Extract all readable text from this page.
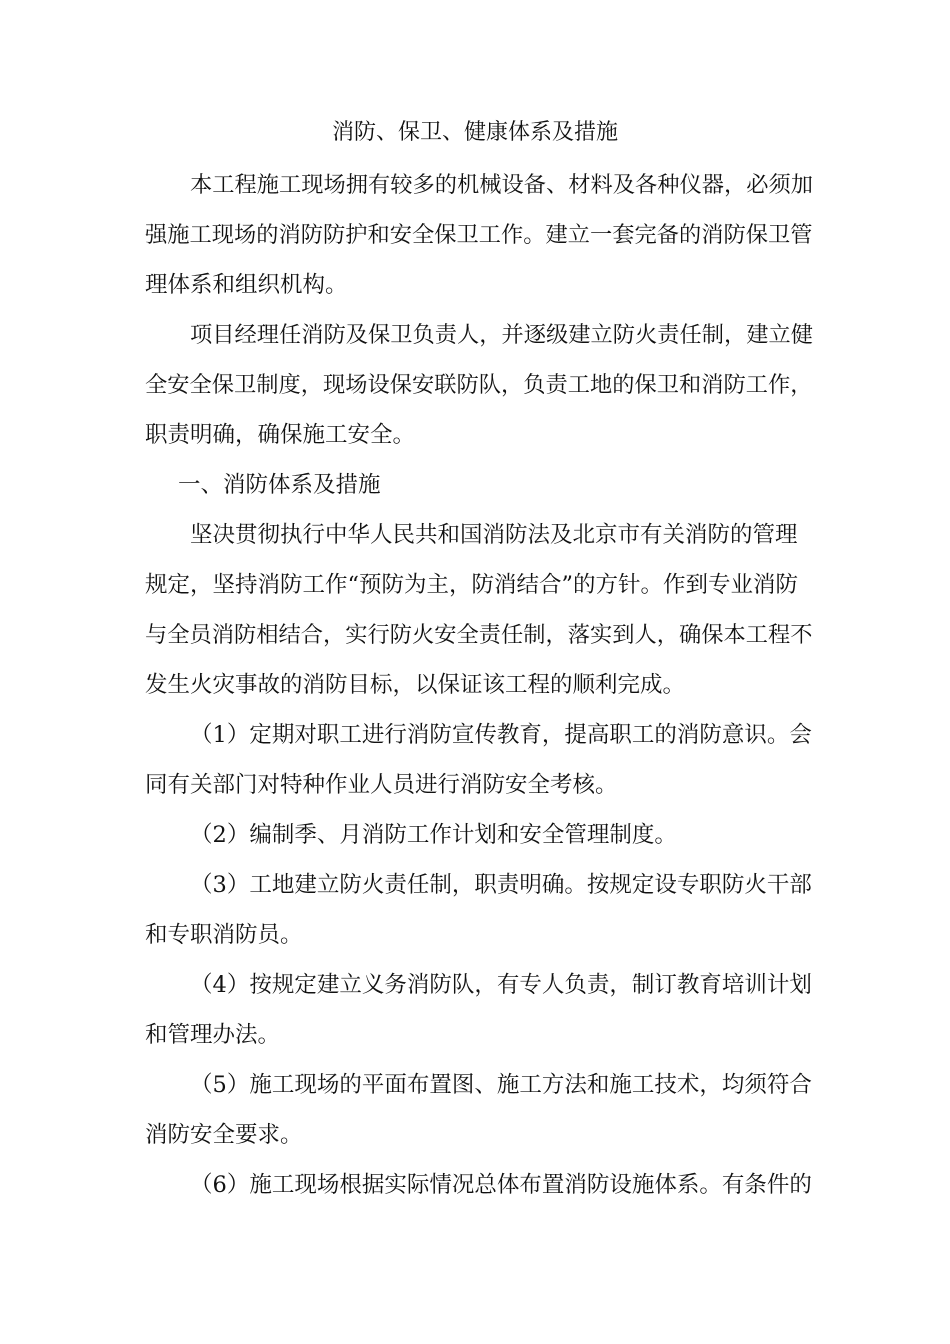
消防、保卫、健康体系及措施
本工程施工现场拥有较多的机械设备、材料及各种仪器，必须加
强施工现场的消防防护和安全保卫工作。建立一套完备的消防保卫管
理体系和组织机构。
项目经理任消防及保卫负责人，并逐级建立防火责任制，建立健
全安全保卫制度，现场设保安联防队，负责工地的保卫和消防工作，
职责明确，确保施工安全。
一、消防体系及措施
坚决贯彻执行中华人民共和国消防法及北京市有关消防的管理
规定，坚持消防工作“预防为主，防消结合”的方针。作到专业消防
与全员消防相结合，实行防火安全责任制，落实到人，确保本工程不
发生火灾事故的消防目标，以保证该工程的顺利完成。
（1）定期对职工进行消防宣传教育，提高职工的消防意识。会
同有关部门对特种作业人员进行消防安全考核。
（2）编制季、月消防工作计划和安全管理制度。
（3）工地建立防火责任制，职责明确。按规定设专职防火干部
和专职消防员。
（4）按规定建立义务消防队，有专人负责，制订教育培训计划
和管理办法。
（5）施工现场的平面布置图、施工方法和施工技术，均须符合
消防安全要求。
（6）施工现场根据实际情况总体布置消防设施体系。有条件的
